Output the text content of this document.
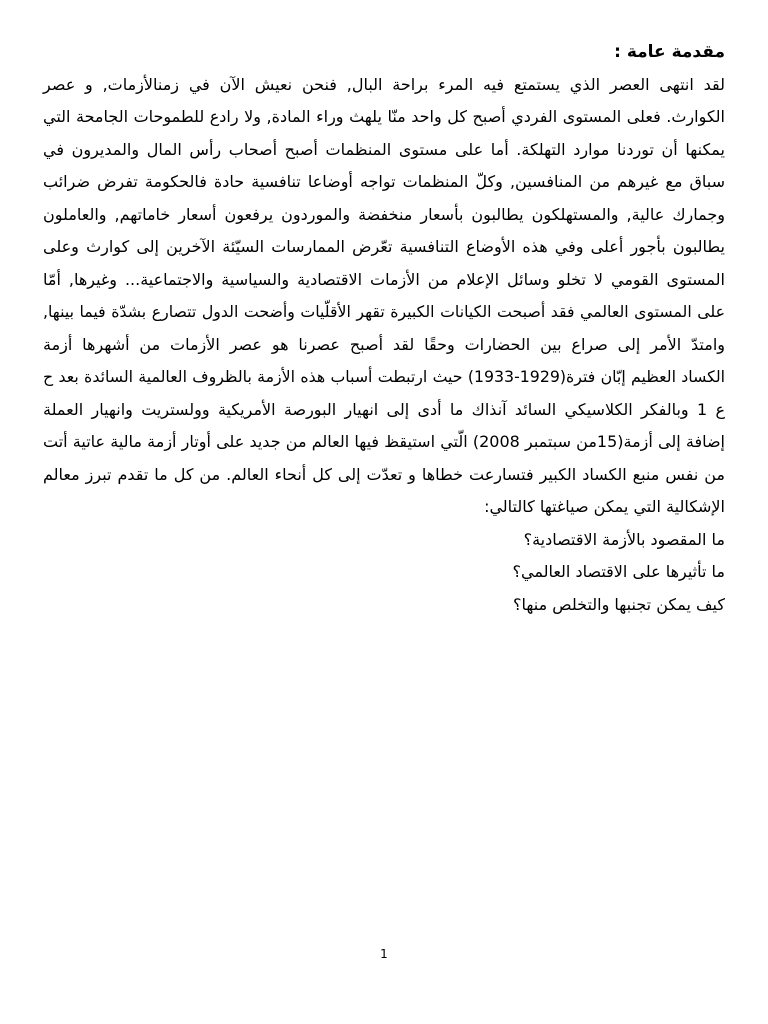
مقدمة عامة :
لقد انتهى العصر الذي يستمتع فيه المرء براحة البال, فنحن نعيش الآن في زمنالأزمات, و عصر
الكوارث. فعلى المستوى الفردي أصبح كل واحد منّا يلهث وراء المادة, ولا رادع للطموحات الجامحة التي
يمكنها أن توردنا موارد التهلكة. أما على مستوى المنظمات أصبح أصحاب رأس المال والمديرون في
سباق مع غيرهم من المنافسين, وكلّ المنظمات تواجه أوضاعا تنافسية حادة فالحكومة تفرض ضرائب
وجمارك عالية, والمستهلكون يطالبون بأسعار منخفضة والموردون يرفعون أسعار خاماتهم, والعاملون
يطالبون بأجور أعلى وفي هذه الأوضاع التنافسية تعّرض الممارسات السيّئة الآخرين إلى كوارث وعلى
المستوى القومي لا تخلو وسائل الإعلام من الأزمات الاقتصادية والسياسية والاجتماعية... وغيرها, أمّا
على المستوى العالمي فقد أصبحت الكيانات الكبيرة تقهر الأقلّيات وأضحت الدول تتصارع بشدّة فيما بينها,
وامتدّ الأمر إلى صراع بين الحضارات وحقًا لقد أصبح عصرنا هو عصر الأزمات من أشهرها أزمة
الكساد العظيم إبّان فترة(1929-1933) حيث ارتبطت أسباب هذه الأزمة بالظروف العالمية السائدة بعد ح
ع 1 وبالفكر الكلاسيكي السائد آنذاك ما أدى إلى انهيار البورصة الأمريكية وولستريت وانهيار العملة
إضافة إلى أزمة(15من سبتمبر 2008) الّتي استيقظ فيها العالم من جديد على أوتار أزمة مالية عاتية أتت
من نفس منبع الكساد الكبير فتسارعت خطاها و تعدّت إلى كل أنحاء العالم. من كل ما تقدم تبرز معالم
الإشكالية التي يمكن صياغتها كالتالي:
ما المقصود بالأزمة الاقتصادية؟
ما تأثيرها على الاقتصاد العالمي؟
كيف يمكن تجنبها والتخلص منها؟
1
